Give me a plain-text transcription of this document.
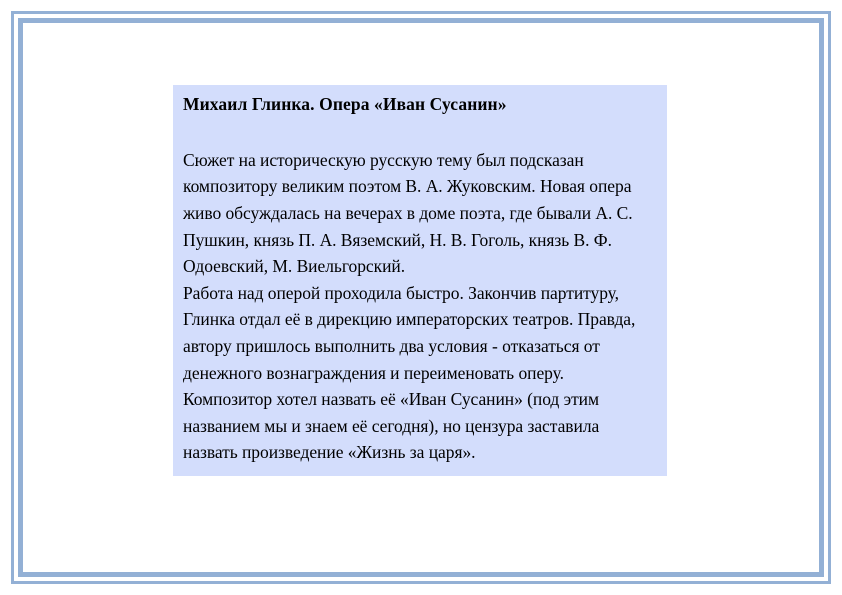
Михаил Глинка. Опера «Иван Сусанин»

Сюжет на историческую русскую тему был подсказан композитору великим поэтом В. А. Жуковским. Новая опера живо обсуждалась на вечерах в доме поэта, где бывали А. С. Пушкин, князь П. А. Вяземский, Н. В. Гоголь, князь В. Ф. Одоевский, М. Виельгорский.

Работа над оперой проходила быстро. Закончив партитуру, Глинка отдал её в дирекцию императорских театров. Правда, автору пришлось выполнить два условия - отказаться от денежного вознаграждения и переименовать оперу. Композитор хотел назвать её «Иван Сусанин» (под этим названием мы и знаем её сегодня), но цензура заставила назвать произведение «Жизнь за царя».
